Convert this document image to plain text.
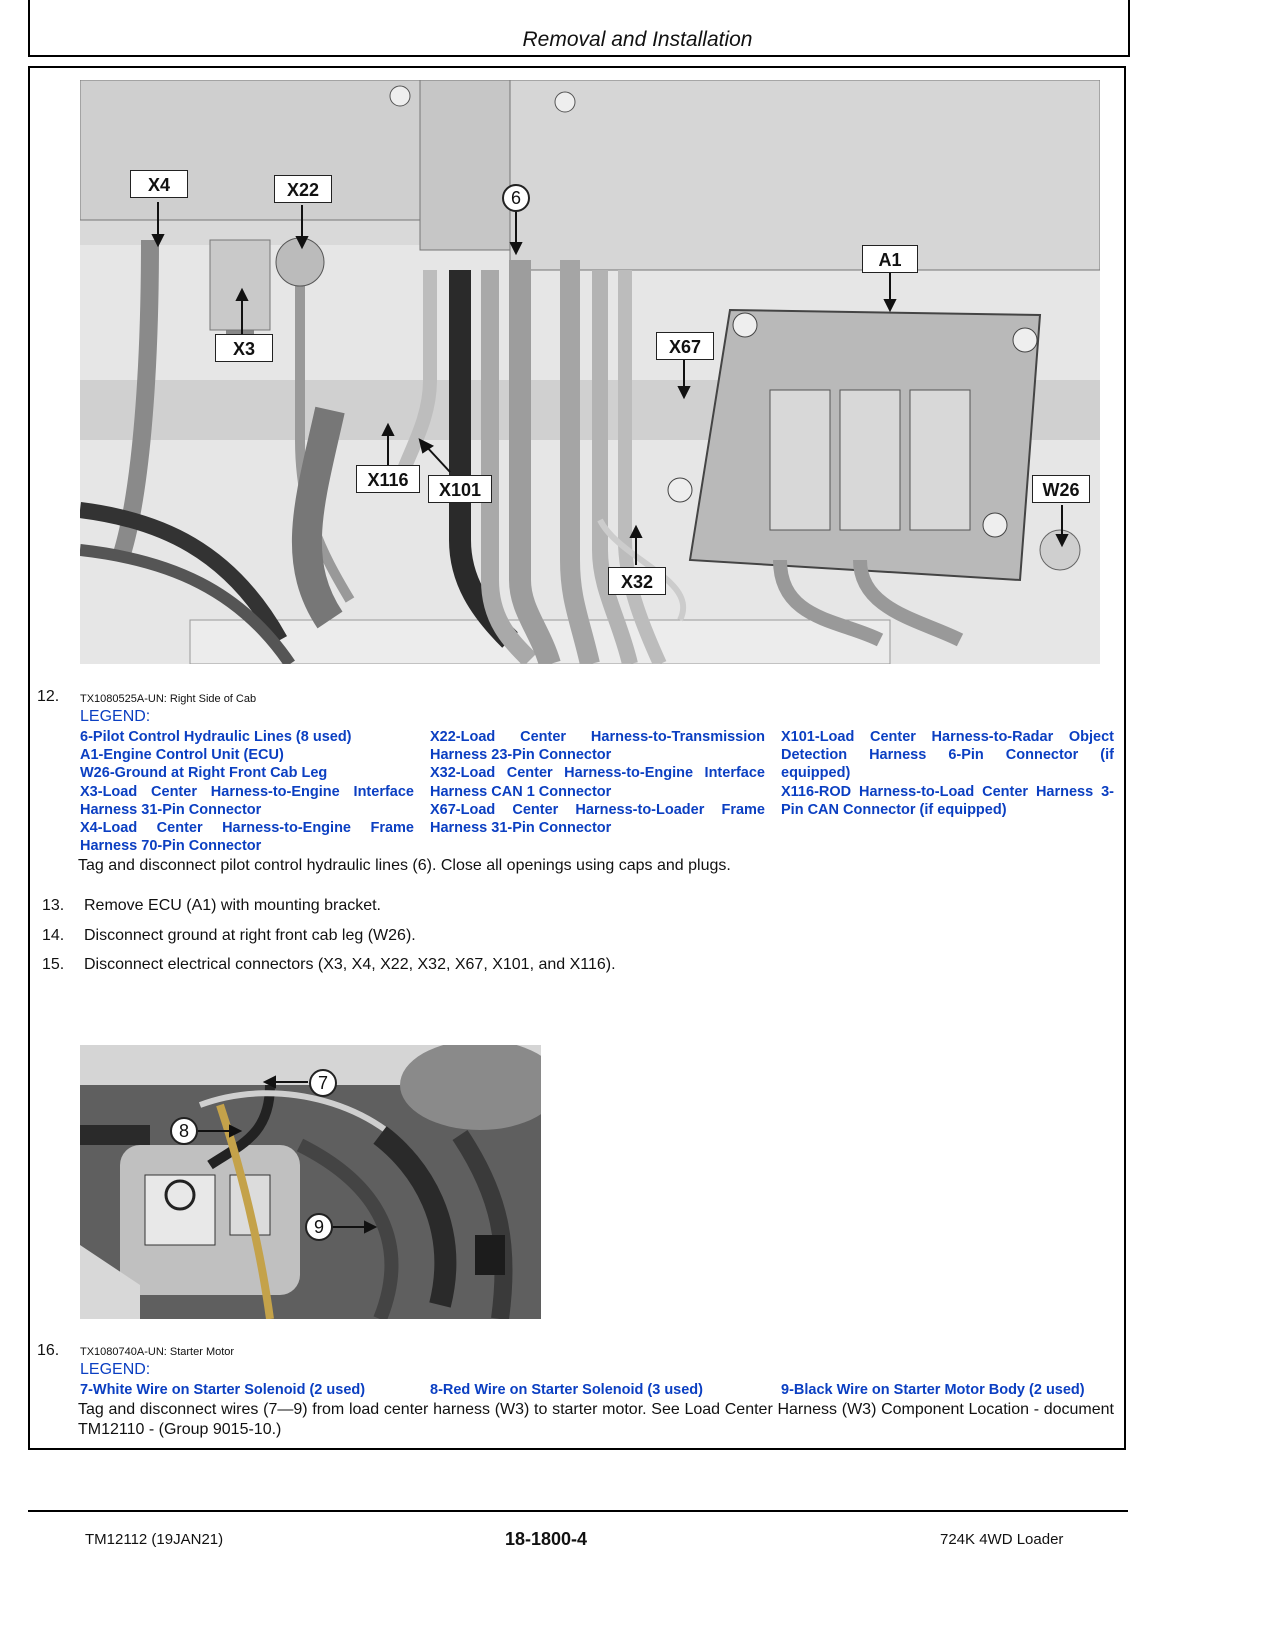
Removal and Installation
X4	X22
X3
6
A1
X67
X116	X101	W26
X32
12. TX1080525A-UN: Right Side of Cab
LEGEND:
6-Pilot Control Hydraulic Lines (8 used)
A1-Engine Control Unit (ECU)
W26-Ground at Right Front Cab Leg
X3-Load Center Harness-to-Engine Interface Harness 31-Pin Connector
X4-Load Center Harness-to-Engine Frame Harness 70-Pin Connector
X22-Load Center Harness-to-Transmission Harness 23-Pin Connector
X32-Load Center Harness-to-Engine Interface Harness CAN 1 Connector
X67-Load Center Harness-to-Loader Frame Harness 31-Pin Connector
X101-Load Center Harness-to-Radar Object Detection Harness 6-Pin Connector (if equipped)
X116-ROD Harness-to-Load Center Harness 3-Pin CAN Connector (if equipped)
Tag and disconnect pilot control hydraulic lines (6). Close all openings using caps and plugs.
13. Remove ECU (A1) with mounting bracket.
14. Disconnect ground at right front cab leg (W26).
15. Disconnect electrical connectors (X3, X4, X22, X32, X67, X101, and X116).
7
8
9
16. TX1080740A-UN: Starter Motor
LEGEND:
7-White Wire on Starter Solenoid (2 used)	8-Red Wire on Starter Solenoid (3 used)	9-Black Wire on Starter Motor Body (2 used)
Tag and disconnect wires (7—9) from load center harness (W3) to starter motor. See Load Center Harness (W3) Component Location - document TM12110 - (Group 9015-10.)
TM12112 (19JAN21)	18-1800-4	724K 4WD Loader
